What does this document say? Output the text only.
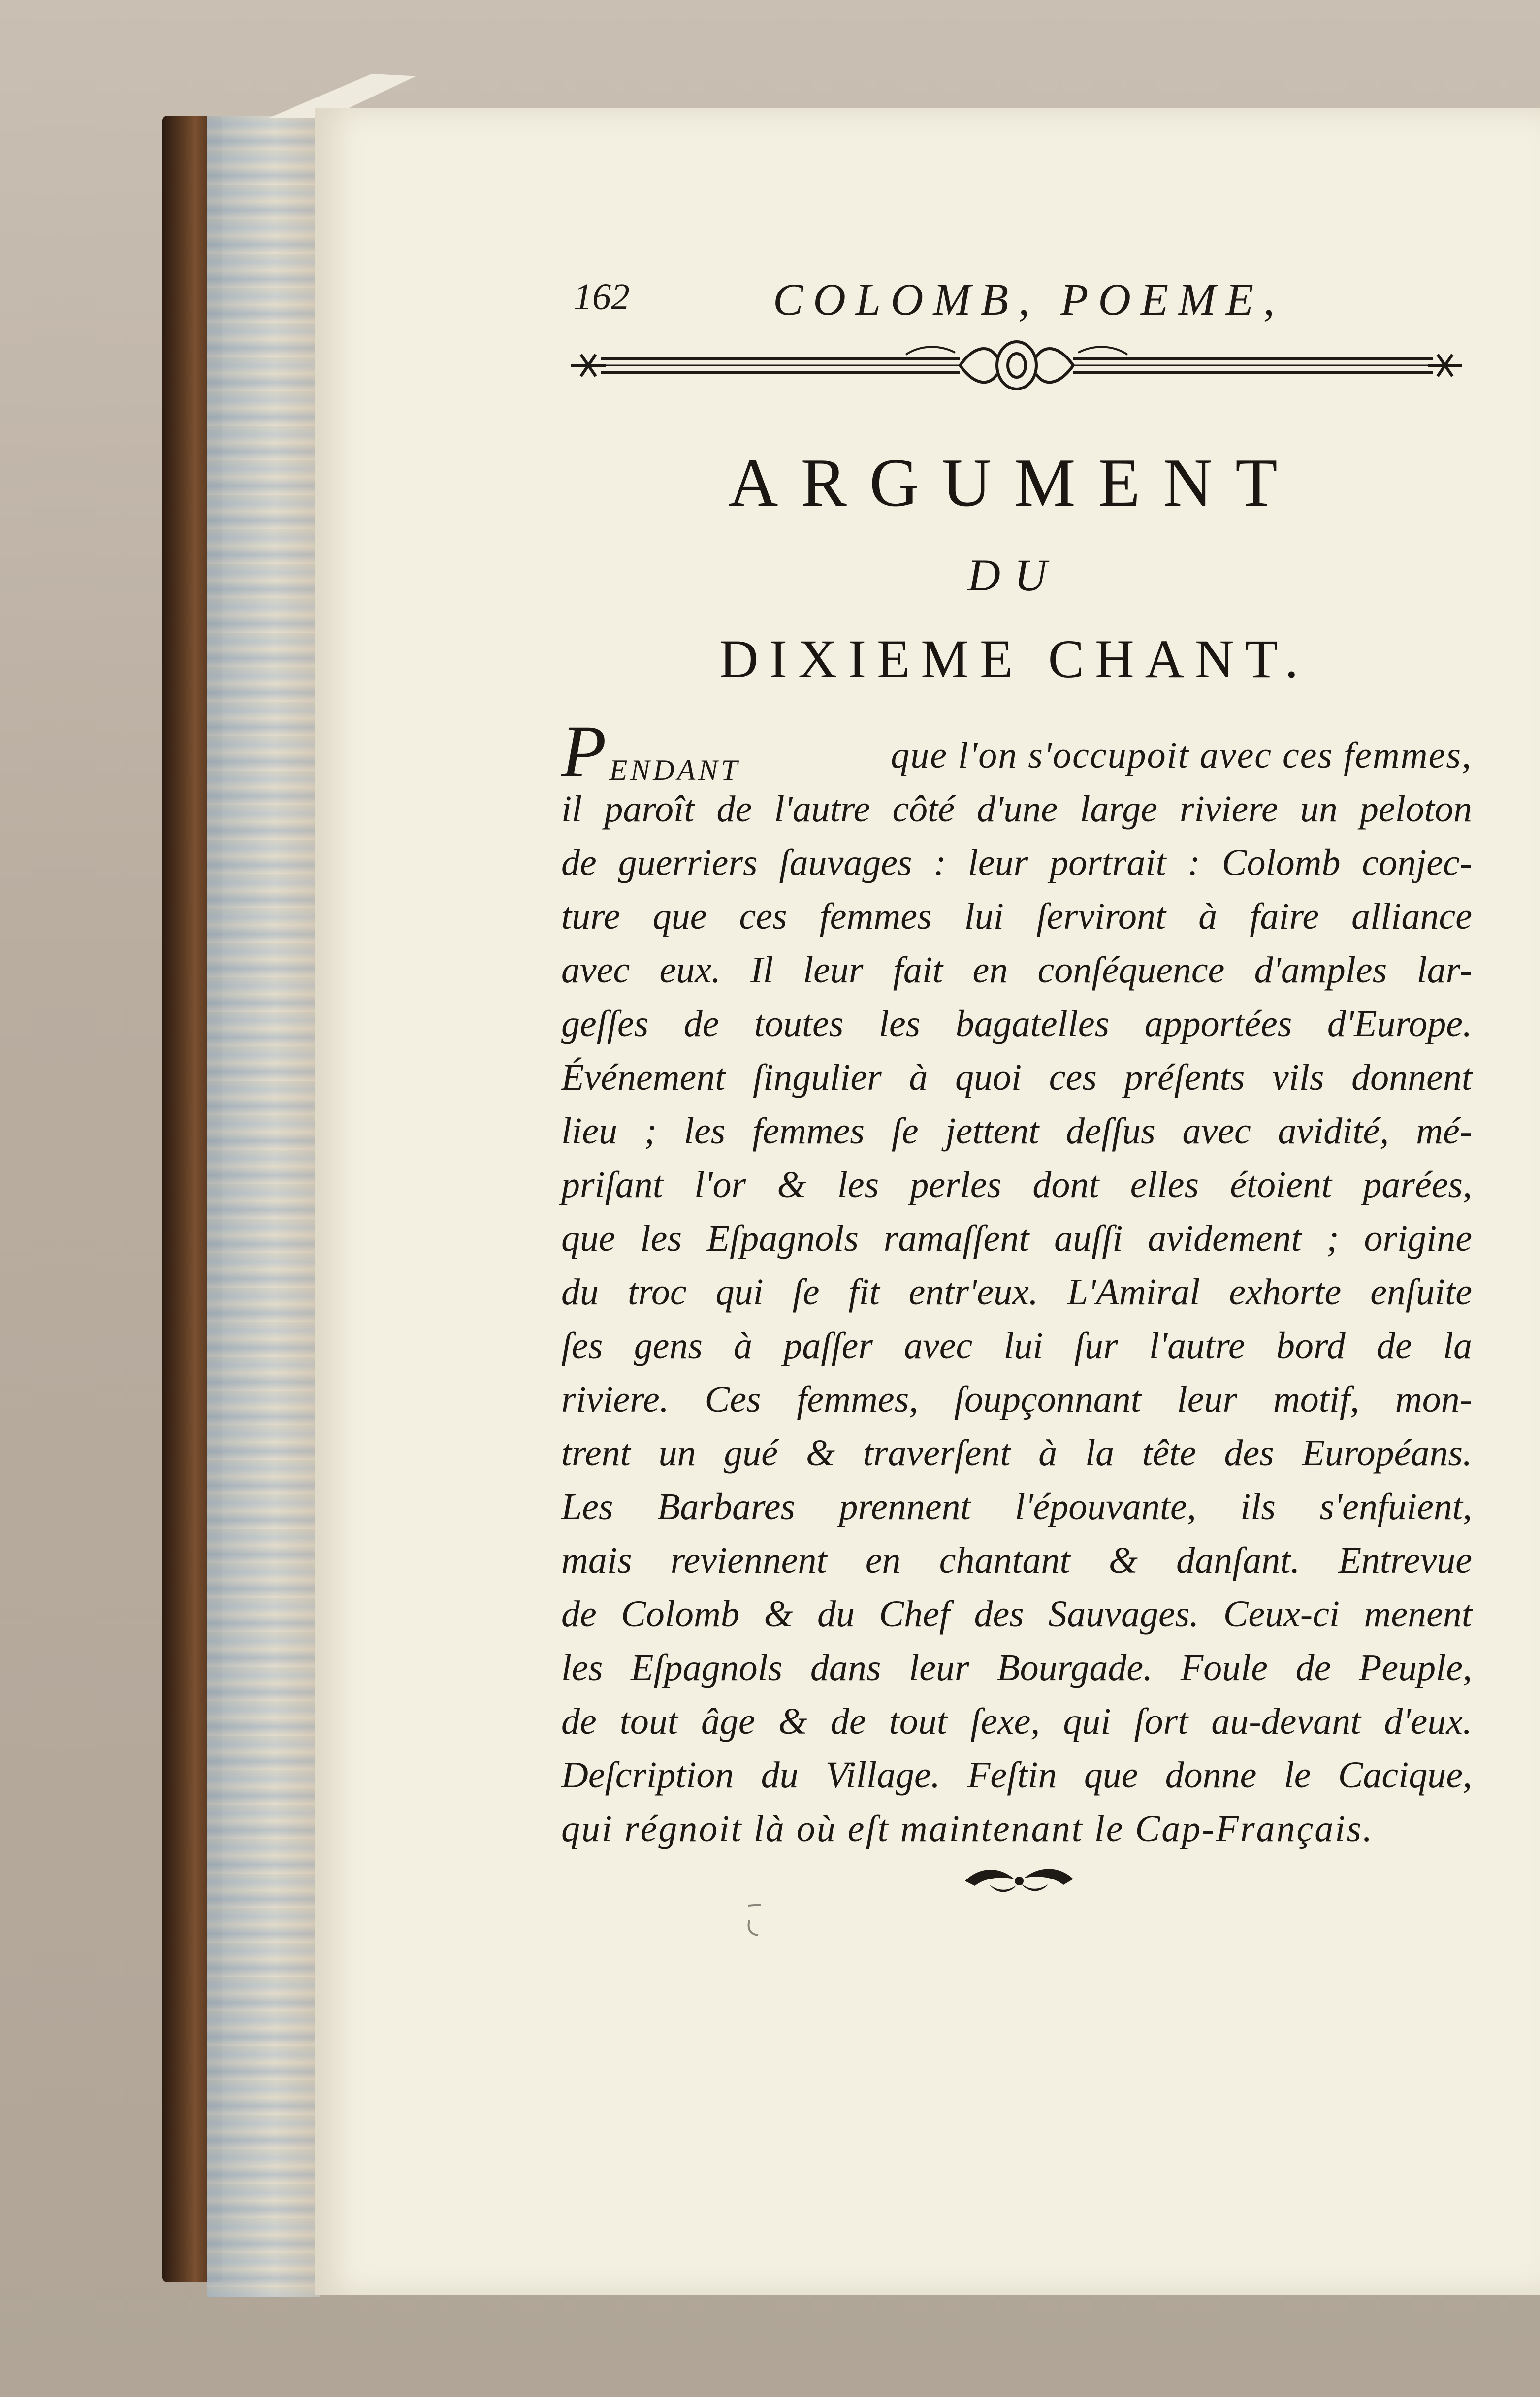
162	COLOMB, POEME,
ARGUMENT
DU
DIXIEME CHANT.
P ENDANT	que l'on s'occupoit avec ces femmes,
il paroît de l'autre côté d'une large riviere un peloton
de guerriers ſauvages : leur portrait : Colomb conjec-
ture que ces femmes lui ſerviront à faire alliance
avec eux. Il leur fait en conſéquence d'amples lar-
geſſes de toutes les bagatelles apportées d'Europe.
Événement ſingulier à quoi ces préſents vils donnent
lieu ; les femmes ſe jettent deſſus avec avidité, mé-
priſant l'or & les perles dont elles étoient parées,
que les Eſpagnols ramaſſent auſſi avidement ; origine
du troc qui ſe fit entr'eux. L'Amiral exhorte enſuite
ſes gens à paſſer avec lui ſur l'autre bord de la
riviere. Ces femmes, ſoupçonnant leur motif, mon-
trent un gué & traverſent à la tête des Européans.
Les Barbares prennent l'épouvante, ils s'enfuient,
mais reviennent en chantant & danſant. Entrevue
de Colomb & du Chef des Sauvages. Ceux-ci menent
les Eſpagnols dans leur Bourgade. Foule de Peuple,
de tout âge & de tout ſexe, qui ſort au-devant d'eux.
Deſcription du Village. Feſtin que donne le Cacique,
qui régnoit là où eſt maintenant le Cap-Français.
